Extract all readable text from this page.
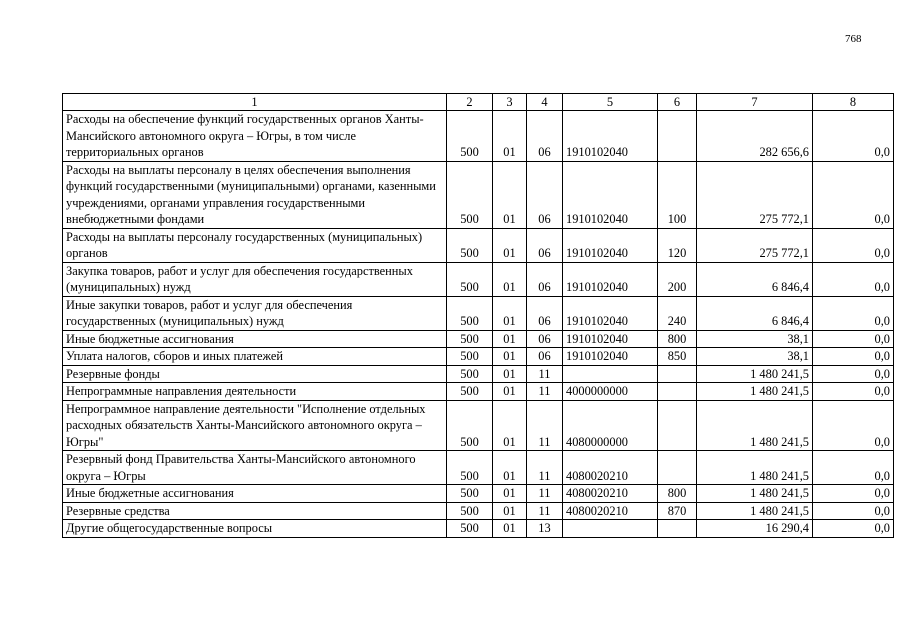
768
1	2	3	4	5	6	7	8
Расходы на обеспечение функций государственных органов Ханты-Мансийского автономного округа – Югры, в том числе территориальных органов	500	01	06	1910102040		282 656,6	0,0
Расходы на выплаты персоналу в целях обеспечения выполнения функций государственными (муниципальными) органами, казенными учреждениями, органами управления государственными внебюджетными фондами	500	01	06	1910102040	100	275 772,1	0,0
Расходы на выплаты персоналу государственных (муниципальных) органов	500	01	06	1910102040	120	275 772,1	0,0
Закупка товаров, работ и услуг для обеспечения государственных (муниципальных) нужд	500	01	06	1910102040	200	6 846,4	0,0
Иные закупки товаров, работ и услуг для обеспечения государственных (муниципальных) нужд	500	01	06	1910102040	240	6 846,4	0,0
Иные бюджетные ассигнования	500	01	06	1910102040	800	38,1	0,0
Уплата налогов, сборов и иных платежей	500	01	06	1910102040	850	38,1	0,0
Резервные фонды	500	01	11			1 480 241,5	0,0
Непрограммные направления деятельности	500	01	11	4000000000		1 480 241,5	0,0
Непрограммное направление деятельности "Исполнение отдельных расходных обязательств Ханты-Мансийского автономного округа – Югры"	500	01	11	4080000000		1 480 241,5	0,0
Резервный фонд Правительства Ханты-Мансийского автономного округа – Югры	500	01	11	4080020210		1 480 241,5	0,0
Иные бюджетные ассигнования	500	01	11	4080020210	800	1 480 241,5	0,0
Резервные средства	500	01	11	4080020210	870	1 480 241,5	0,0
Другие общегосударственные вопросы	500	01	13			16 290,4	0,0
